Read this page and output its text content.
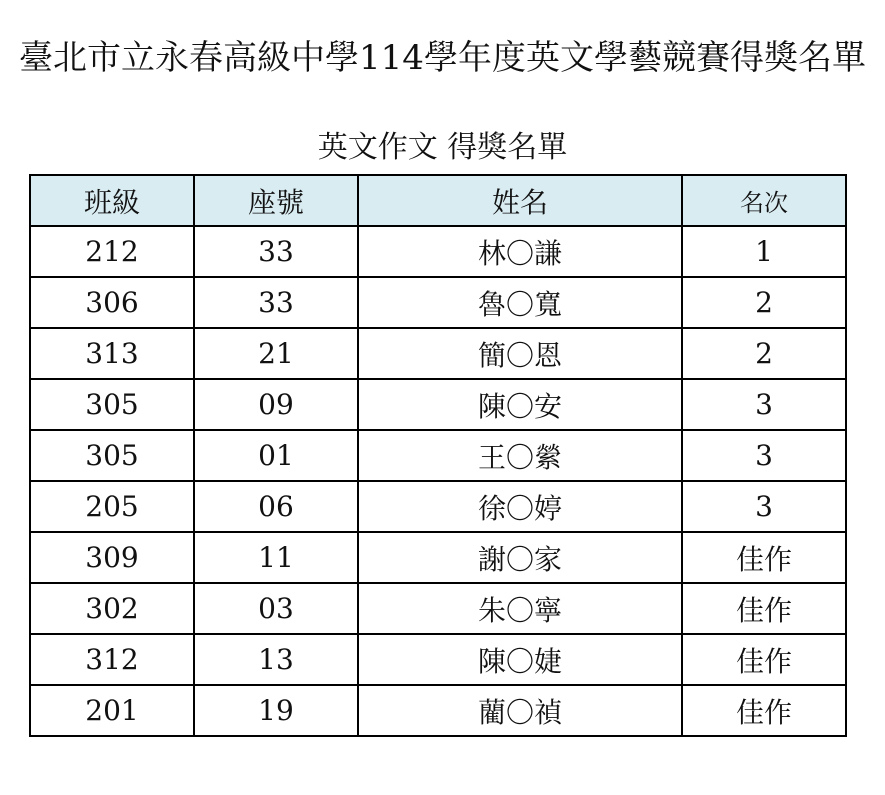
臺北市立永春高級中學114學年度英文學藝競賽得獎名單
英文作文 得獎名單
班級	座號	姓名	名次
212	33	林〇謙	1
306	33	魯〇寬	2
313	21	簡〇恩	2
305	09	陳〇安	3
305	01	王〇縈	3
205	06	徐〇婷	3
309	11	謝〇家	佳作
302	03	朱〇寧	佳作
312	13	陳〇婕	佳作
201	19	藺〇禎	佳作
